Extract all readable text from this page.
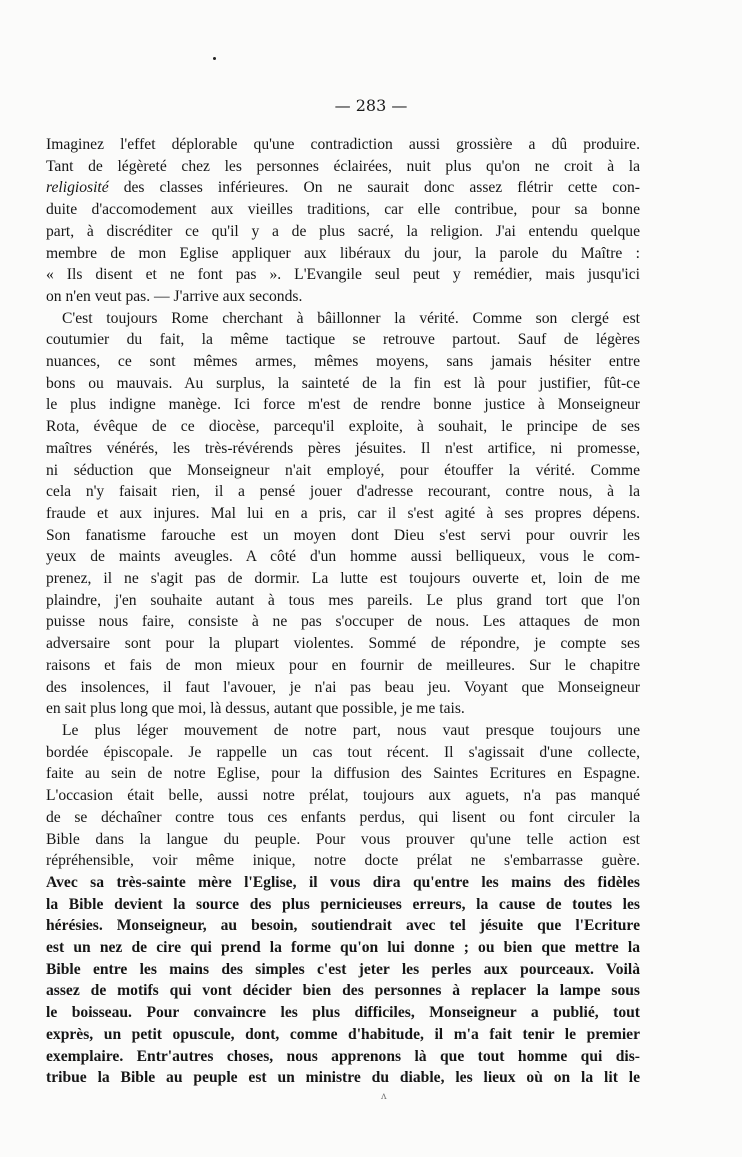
— 283 —
Imaginez l'effet déplorable qu'une contradiction aussi grossière a dû produire.
Tant de légèreté chez les personnes éclairées, nuit plus qu'on ne croit à la
religiosité des classes inférieures. On ne saurait donc assez flétrir cette con-
duite d'accomodement aux vieilles traditions, car elle contribue, pour sa bonne
part, à discréditer ce qu'il y a de plus sacré, la religion. J'ai entendu quelque
membre de mon Eglise appliquer aux libéraux du jour, la parole du Maître :
« Ils disent et ne font pas ». L'Evangile seul peut y remédier, mais jusqu'ici
on n'en veut pas. — J'arrive aux seconds.
C'est toujours Rome cherchant à bâillonner la vérité. Comme son clergé est
coutumier du fait, la même tactique se retrouve partout. Sauf de légères
nuances, ce sont mêmes armes, mêmes moyens, sans jamais hésiter entre
bons ou mauvais. Au surplus, la sainteté de la fin est là pour justifier, fût-ce
le plus indigne manège. Ici force m'est de rendre bonne justice à Monseigneur
Rota, évêque de ce diocèse, parcequ'il exploite, à souhait, le principe de ses
maîtres vénérés, les très-révérends pères jésuites. Il n'est artifice, ni promesse,
ni séduction que Monseigneur n'ait employé, pour étouffer la vérité. Comme
cela n'y faisait rien, il a pensé jouer d'adresse recourant, contre nous, à la
fraude et aux injures. Mal lui en a pris, car il s'est agité à ses propres dépens.
Son fanatisme farouche est un moyen dont Dieu s'est servi pour ouvrir les
yeux de maints aveugles. A côté d'un homme aussi belliqueux, vous le com-
prenez, il ne s'agit pas de dormir. La lutte est toujours ouverte et, loin de me
plaindre, j'en souhaite autant à tous mes pareils. Le plus grand tort que l'on
puisse nous faire, consiste à ne pas s'occuper de nous. Les attaques de mon
adversaire sont pour la plupart violentes. Sommé de répondre, je compte ses
raisons et fais de mon mieux pour en fournir de meilleures. Sur le chapitre
des insolences, il faut l'avouer, je n'ai pas beau jeu. Voyant que Monseigneur
en sait plus long que moi, là dessus, autant que possible, je me tais.
Le plus léger mouvement de notre part, nous vaut presque toujours une
bordée épiscopale. Je rappelle un cas tout récent. Il s'agissait d'une collecte,
faite au sein de notre Eglise, pour la diffusion des Saintes Ecritures en Espagne.
L'occasion était belle, aussi notre prélat, toujours aux aguets, n'a pas manqué
de se déchaîner contre tous ces enfants perdus, qui lisent ou font circuler la
Bible dans la langue du peuple. Pour vous prouver qu'une telle action est
répréhensible, voir même inique, notre docte prélat ne s'embarrasse guère.
Avec sa très-sainte mère l'Eglise, il vous dira qu'entre les mains des fidèles
la Bible devient la source des plus pernicieuses erreurs, la cause de toutes les
hérésies. Monseigneur, au besoin, soutiendrait avec tel jésuite que l'Ecriture
est un nez de cire qui prend la forme qu'on lui donne ; ou bien que mettre la
Bible entre les mains des simples c'est jeter les perles aux pourceaux. Voilà
assez de motifs qui vont décider bien des personnes à replacer la lampe sous
le boisseau. Pour convaincre les plus difficiles, Monseigneur a publié, tout
exprès, un petit opuscule, dont, comme d'habitude, il m'a fait tenir le premier
exemplaire. Entr'autres choses, nous apprenons là que tout homme qui dis-
tribue la Bible au peuple est un ministre du diable, les lieux où on la lit le
ʌ
